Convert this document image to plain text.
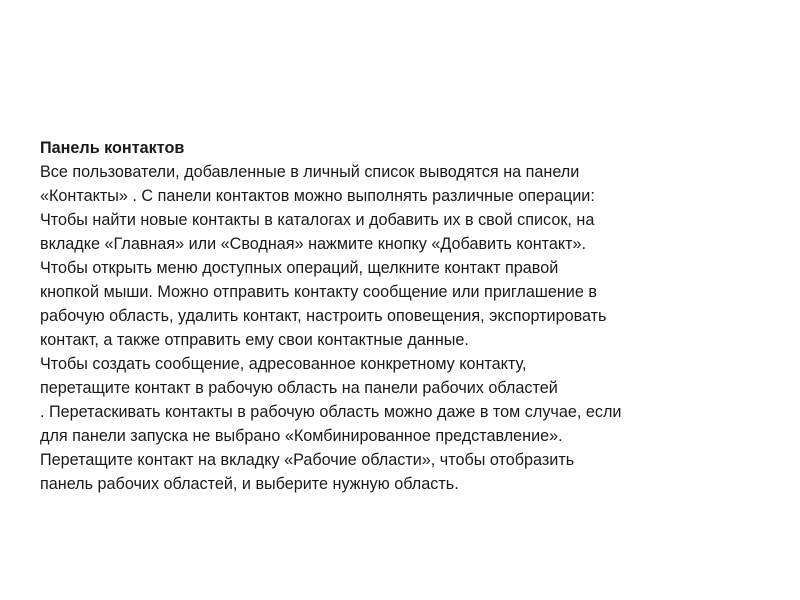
Панель контактов
Все пользователи, добавленные в личный список выводятся на панели
«Контакты» . С панели контактов можно выполнять различные операции:
Чтобы найти новые контакты в каталогах и добавить их в свой список, на
вкладке «Главная» или «Сводная» нажмите кнопку «Добавить контакт».
Чтобы открыть меню доступных операций, щелкните контакт правой
кнопкой мыши. Можно отправить контакту сообщение или приглашение в
рабочую область, удалить контакт, настроить оповещения, экспортировать
контакт, а также отправить ему свои контактные данные.
Чтобы создать сообщение, адресованное конкретному контакту,
перетащите контакт в рабочую область на панели рабочих областей
. Перетаскивать контакты в рабочую область можно даже в том случае, если
для панели запуска не выбрано «Комбинированное представление».
Перетащите контакт на вкладку «Рабочие области», чтобы отобразить
панель рабочих областей, и выберите нужную область.
